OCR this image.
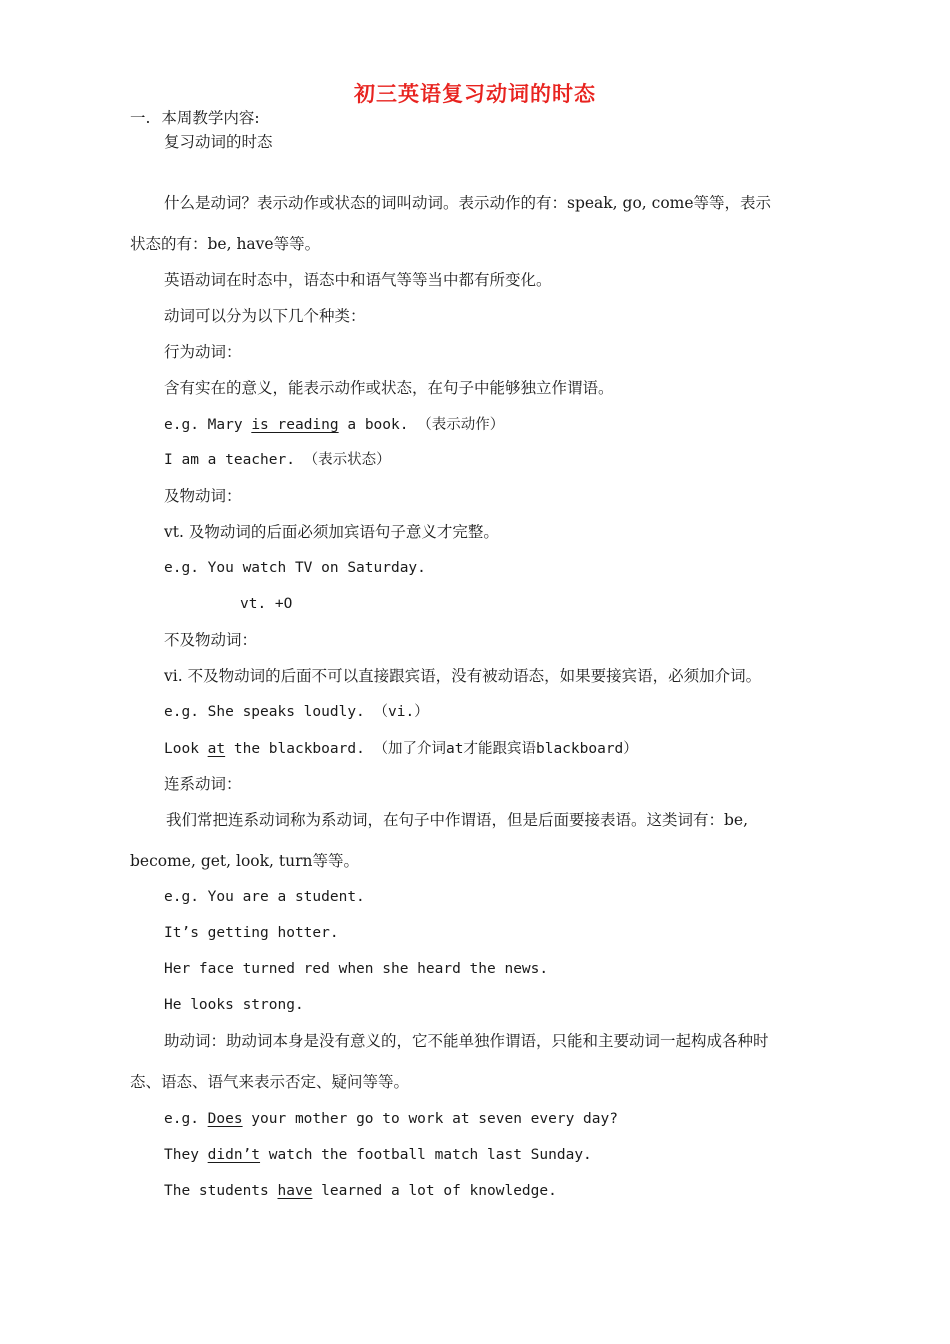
初三英语复习动词的时态
一. 本周教学内容:
复习动词的时态
什么是动词？表示动作或状态的词叫动词。表示动作的有：speak, go, come等等，表示
状态的有：be, have等等。
英语动词在时态中，语态中和语气等等当中都有所变化。
动词可以分为以下几个种类：
行为动词：
含有实在的意义，能表示动作或状态，在句子中能够独立作谓语。
e.g. Mary is reading a book. （表示动作）
I am a teacher. （表示状态）
及物动词：
vt. 及物动词的后面必须加宾语句子意义才完整。
e.g. You watch TV on Saturday.
vt. +O
不及物动词：
vi. 不及物动词的后面不可以直接跟宾语，没有被动语态，如果要接宾语，必须加介词。
e.g. She speaks loudly. （vi.）
Look at the blackboard. （加了介词at才能跟宾语blackboard）
连系动词：
我们常把连系动词称为系动词，在句子中作谓语，但是后面要接表语。这类词有：be,
become, get, look, turn等等。
e.g. You are a student.
It’s getting hotter.
Her face turned red when she heard the news.
He looks strong.
助动词：助动词本身是没有意义的，它不能单独作谓语，只能和主要动词一起构成各种时
态、语态、语气来表示否定、疑问等等。
e.g. Does your mother go to work at seven every day?
They didn’t watch the football match last Sunday.
The students have learned a lot of knowledge.
